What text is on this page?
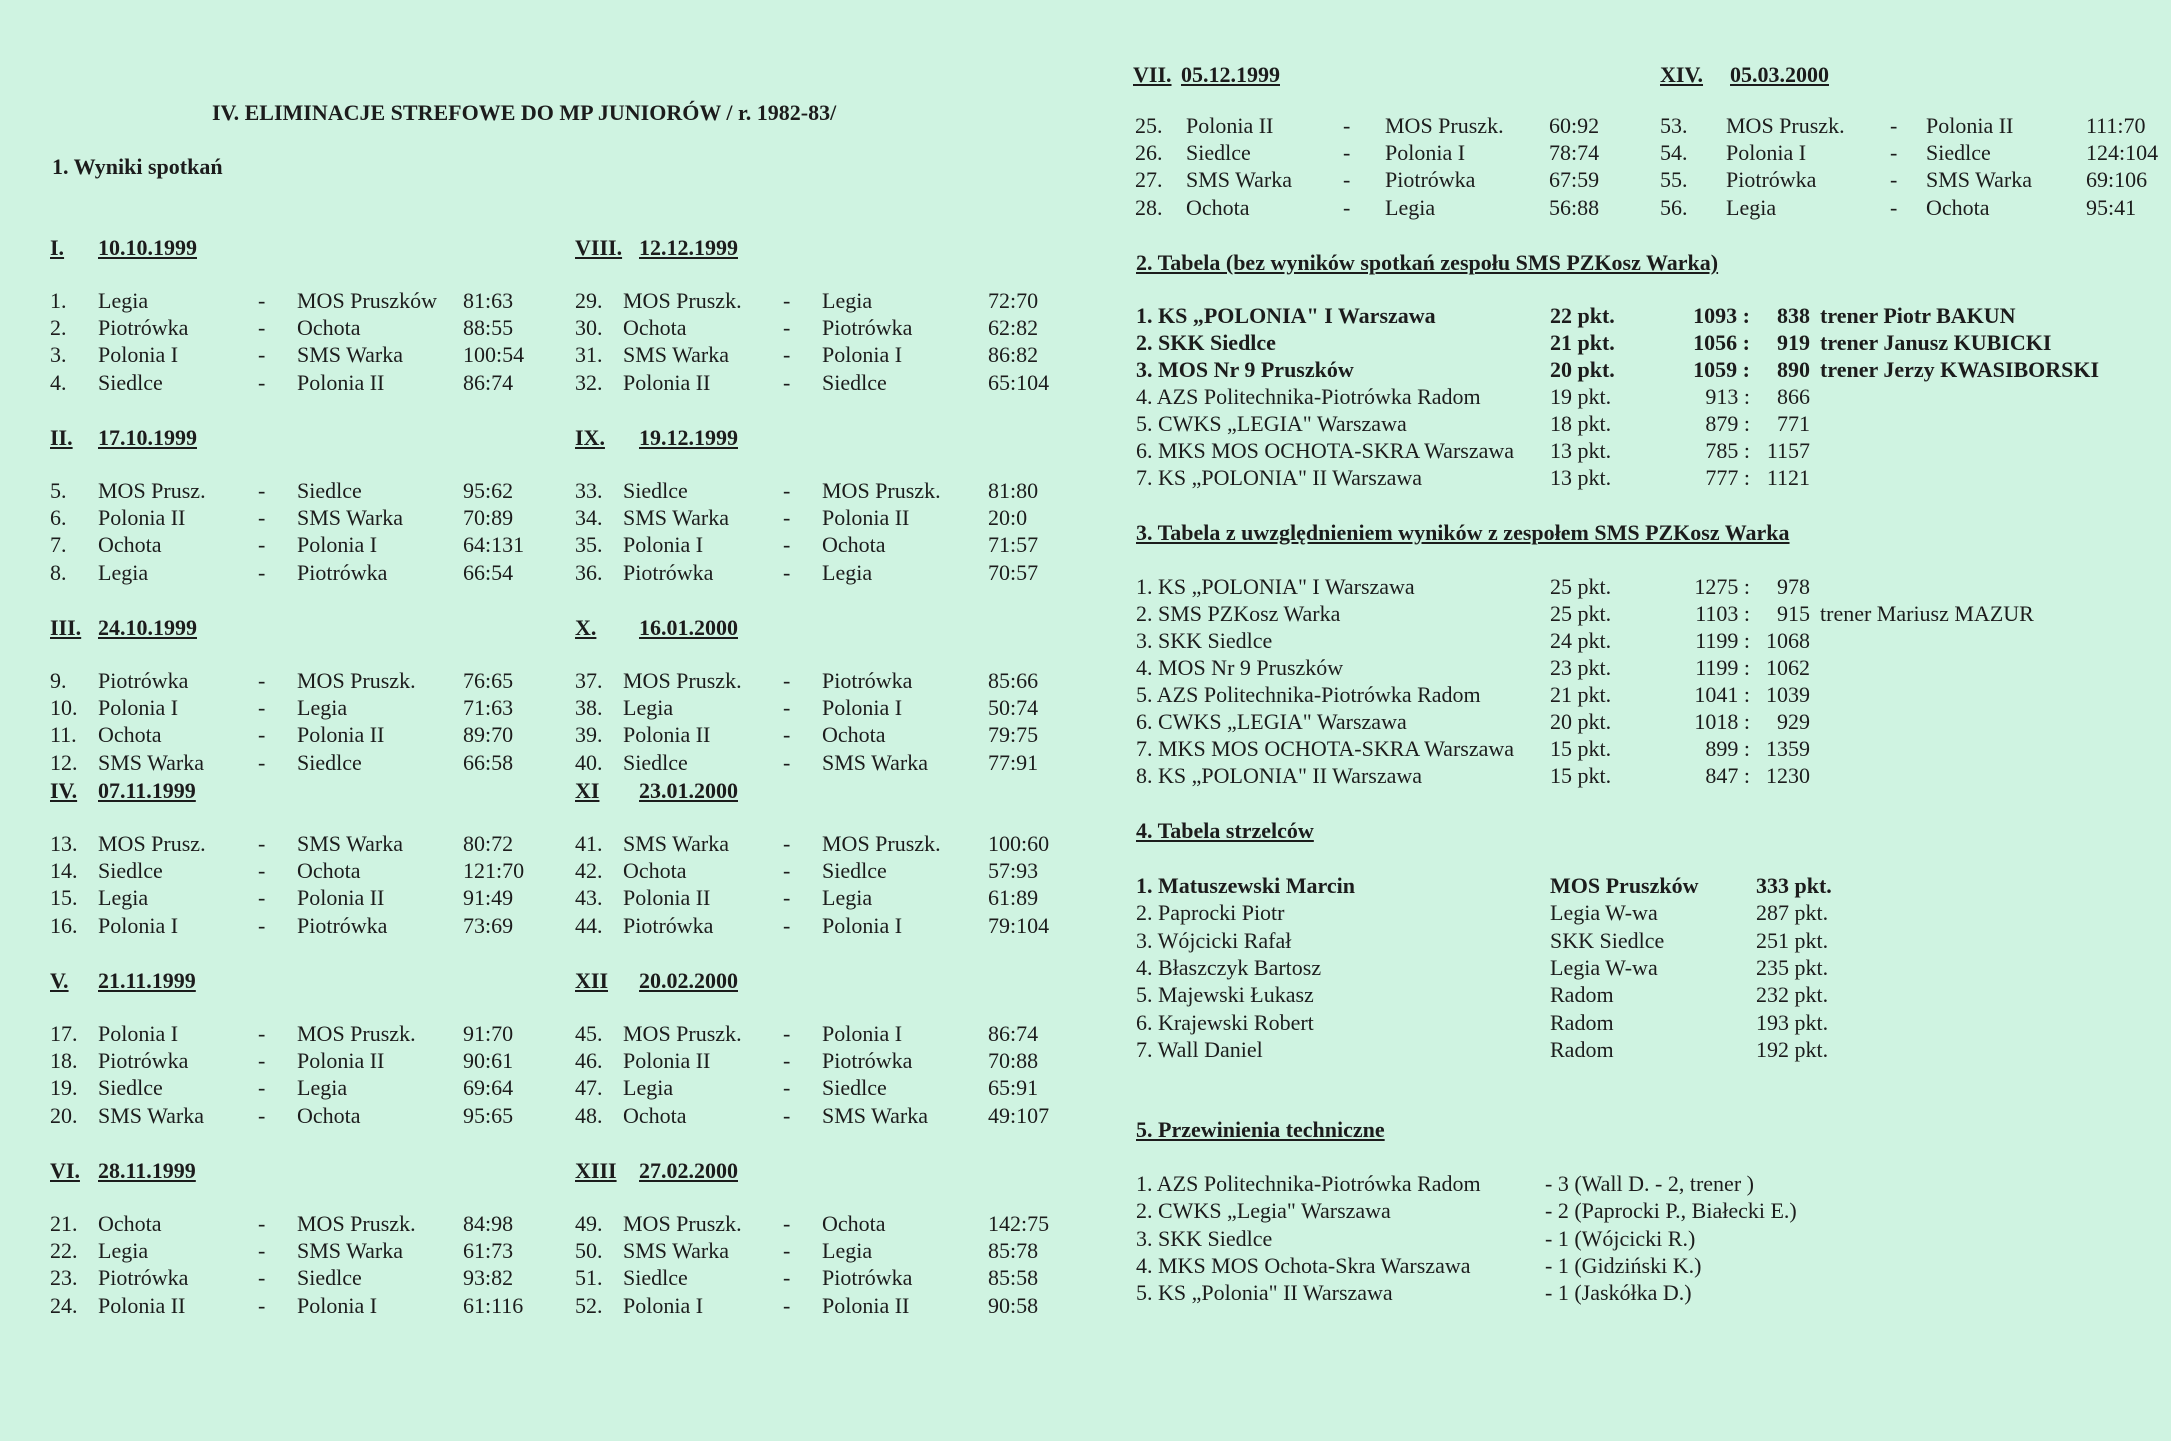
IV. ELIMINACJE STREFOWE DO MP JUNIORÓW / r. 1982-83/
1. Wyniki spotkań
I. 10.10.1999
1. Legia	- MOS Pruszków 81:63
2. Piotrówka	- Ochota	88:55
3. Polonia I	- SMS Warka	100:54
4. Siedlce	- Polonia II	86:74
II. 17.10.1999
5. MOS Prusz. - Siedlce	95:62
6. Polonia II	- SMS Warka	70:89
7. Ochota	- Polonia I	64:131
8. Legia	- Piotrówka	66:54
III. 24.10.1999
9. Piotrówka	- MOS Pruszk. 76:65
10. Polonia I	- Legia	71:63
11. Ochota	- Polonia II	89:70
12. SMS Warka - Siedlce	66:58
IV. 07.11.1999
13. MOS Prusz. - SMS Warka	80:72
14. Siedlce	- Ochota	121:70
15. Legia	- Polonia II	91:49
16. Polonia I	- Piotrówka	73:69
V. 21.11.1999
17. Polonia I	- MOS Pruszk. 91:70
18. Piotrówka	- Polonia II	90:61
19. Siedlce	- Legia	69:64
20. SMS Warka - Ochota	95:65
VI. 28.11.1999
21. Ochota	- MOS Pruszk. 84:98
22. Legia	- SMS Warka	61:73
23. Piotrówka	- Siedlce	93:82
24. Polonia II	- Polonia I	61:116
VIII. 12.12.1999
29. MOS Pruszk. - Legia	72:70
30. Ochota	- Piotrówka	62:82
31. SMS Warka - Polonia I	86:82
32. Polonia II	- Siedlce	65:104
IX. 19.12.1999
33. Siedlce	- MOS Pruszk. 81:80
34. SMS Warka - Polonia II	20:0
35. Polonia I	- Ochota	71:57
36. Piotrówka	- Legia	70:57
X. 16.01.2000
37. MOS Pruszk. - Piotrówka	85:66
38. Legia	- Polonia I	50:74
39. Polonia II	- Ochota	79:75
40. Siedlce	- SMS Warka	77:91
XI 23.01.2000
41. SMS Warka - MOS Pruszk. 100:60
42. Ochota	- Siedlce	57:93
43. Polonia II	- Legia	61:89
44. Piotrówka	- Polonia I	79:104
XII 20.02.2000
45. MOS Pruszk. - Polonia I	86:74
46. Polonia II	- Piotrówka	70:88
47. Legia	- Siedlce	65:91
48. Ochota	- SMS Warka	49:107
XIII 27.02.2000
49. MOS Pruszk. - Ochota	142:75
50. SMS Warka - Legia	85:78
51. Siedlce	- Piotrówka	85:58
52. Polonia I	- Polonia II	90:58
VII. 05.12.1999
25. Polonia II	- MOS Pruszk. 60:92
26. Siedlce	- Polonia I	78:74
27. SMS Warka - Piotrówka	67:59
28. Ochota	- Legia	56:88
XIV. 05.03.2000
53. MOS Pruszk. - Polonia II	111:70
54. Polonia I	- Siedlce	124:104
55. Piotrówka	- SMS Warka 69:106
56. Legia	- Ochota	95:41
2. Tabela (bez wyników spotkań zespołu SMS PZKosz Warka)
1. KS „POLONIA" I Warszawa	22 pkt.	1093 :	838 trener Piotr BAKUN
2. SKK Siedlce	21 pkt.	1056 :	919 trener Janusz KUBICKI
3. MOS Nr 9 Pruszków	20 pkt.	1059 :	890 trener Jerzy KWASIBORSKI
4. AZS Politechnika-Piotrówka Radom	19 pkt.	913 :	866
5. CWKS „LEGIA" Warszawa	18 pkt.	879 :	771
6. MKS MOS OCHOTA-SKRA Warszawa 13 pkt.	785 : 1157
7. KS „POLONIA" II Warszawa	13 pkt.	777 : 1121
3. Tabela z uwzględnieniem wyników z zespołem SMS PZKosz Warka
1. KS „POLONIA" I Warszawa	25 pkt.	1275 :	978
2. SMS PZKosz Warka	25 pkt.	1103 :	915 trener Mariusz MAZUR
3. SKK Siedlce	24 pkt.	1199 : 1068
4. MOS Nr 9 Pruszków	23 pkt.	1199 : 1062
5. AZS Politechnika-Piotrówka Radom	21 pkt.	1041 : 1039
6. CWKS „LEGIA" Warszawa	20 pkt.	1018 :	929
7. MKS MOS OCHOTA-SKRA Warszawa 15 pkt.	899 : 1359
8. KS „POLONIA" II Warszawa	15 pkt.	847 : 1230
4. Tabela strzelców
1. Matuszewski Marcin	MOS Pruszków	333 pkt.
2. Paprocki Piotr	Legia W-wa	287 pkt.
3. Wójcicki Rafał	SKK Siedlce	251 pkt.
4. Błaszczyk Bartosz	Legia W-wa	235 pkt.
5. Majewski Łukasz	Radom	232 pkt.
6. Krajewski Robert	Radom	193 pkt.
7. Wall Daniel	Radom	192 pkt.
5. Przewinienia techniczne
1. AZS Politechnika-Piotrówka Radom	- 3 (Wall D. - 2, trener )
2. CWKS „Legia" Warszawa	- 2 (Paprocki P., Białecki E.)
3. SKK Siedlce	- 1 (Wójcicki R.)
4. MKS MOS Ochota-Skra Warszawa	- 1 (Gidziński K.)
5. KS „Polonia" II Warszawa	- 1 (Jaskółka D.)
